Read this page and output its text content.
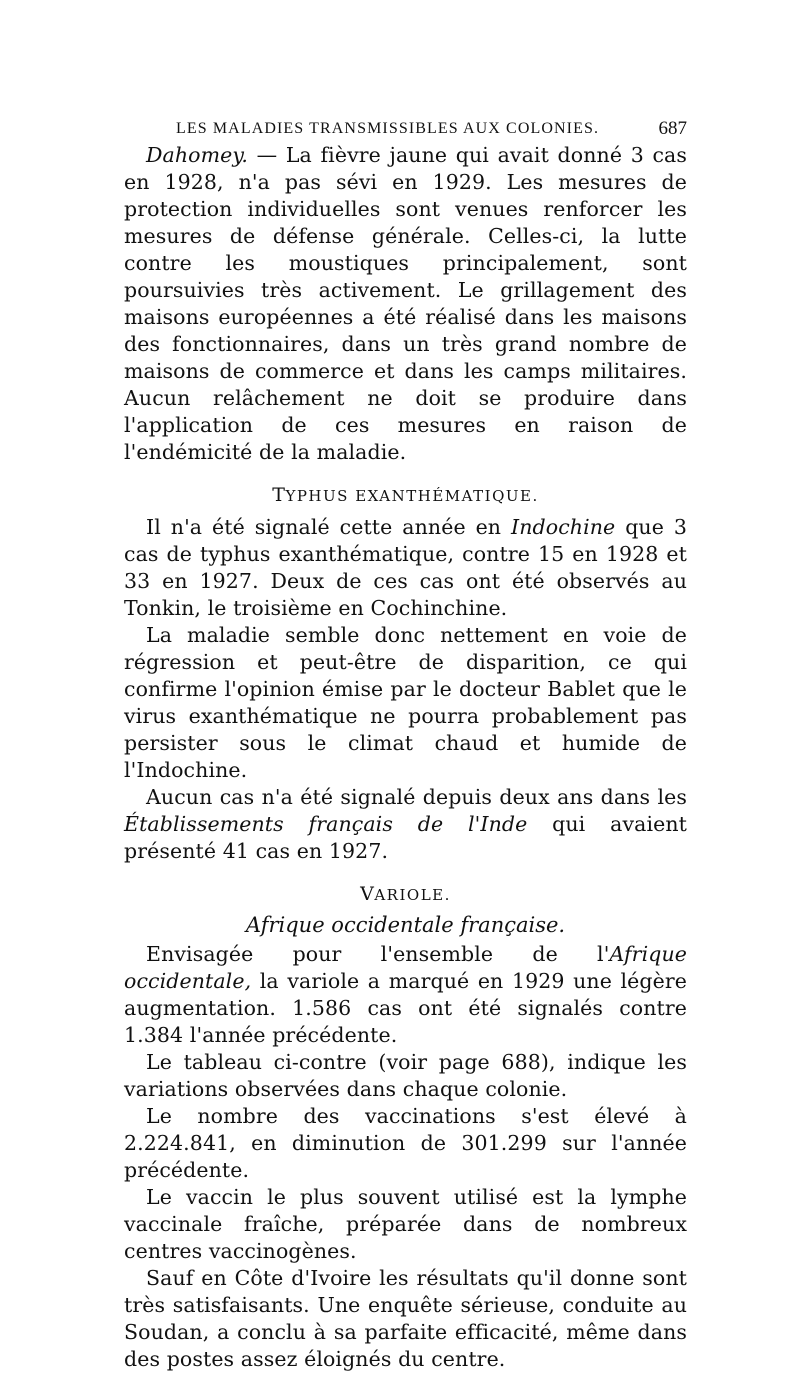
LES MALADIES TRANSMISSIBLES AUX COLONIES.	687

Dahomey. — La fièvre jaune qui avait donné 3 cas en 1928, n'a pas sévi en 1929. Les mesures de protection individuelles sont venues renforcer les mesures de défense générale. Celles-ci, la lutte contre les moustiques principalement, sont poursuivies très activement. Le grillagement des maisons européennes a été réalisé dans les maisons des fonctionnaires, dans un très grand nombre de maisons de commerce et dans les camps militaires. Aucun relâchement ne doit se produire dans l'application de ces mesures en raison de l'endémicité de la maladie.

TYPHUS EXANTHÉMATIQUE.

Il n'a été signalé cette année en Indochine que 3 cas de typhus exanthématique, contre 15 en 1928 et 33 en 1927. Deux de ces cas ont été observés au Tonkin, le troisième en Cochinchine.

La maladie semble donc nettement en voie de régression et peut-être de disparition, ce qui confirme l'opinion émise par le docteur Bablet que le virus exanthématique ne pourra probablement pas persister sous le climat chaud et humide de l'Indochine.

Aucun cas n'a été signalé depuis deux ans dans les Établissements français de l'Inde qui avaient présenté 41 cas en 1927.

VARIOLE.
Afrique occidentale française.

Envisagée pour l'ensemble de l'Afrique occidentale, la variole a marqué en 1929 une légère augmentation. 1.586 cas ont été signalés contre 1.384 l'année précédente.

Le tableau ci-contre (voir page 688), indique les variations observées dans chaque colonie.

Le nombre des vaccinations s'est élevé à 2.224.841, en diminution de 301.299 sur l'année précédente.

Le vaccin le plus souvent utilisé est la lymphe vaccinale fraîche, préparée dans de nombreux centres vaccinogènes.

Sauf en Côte d'Ivoire les résultats qu'il donne sont très satisfaisants. Une enquête sérieuse, conduite au Soudan, a conclu à sa parfaite efficacité, même dans des postes assez éloignés du centre.
